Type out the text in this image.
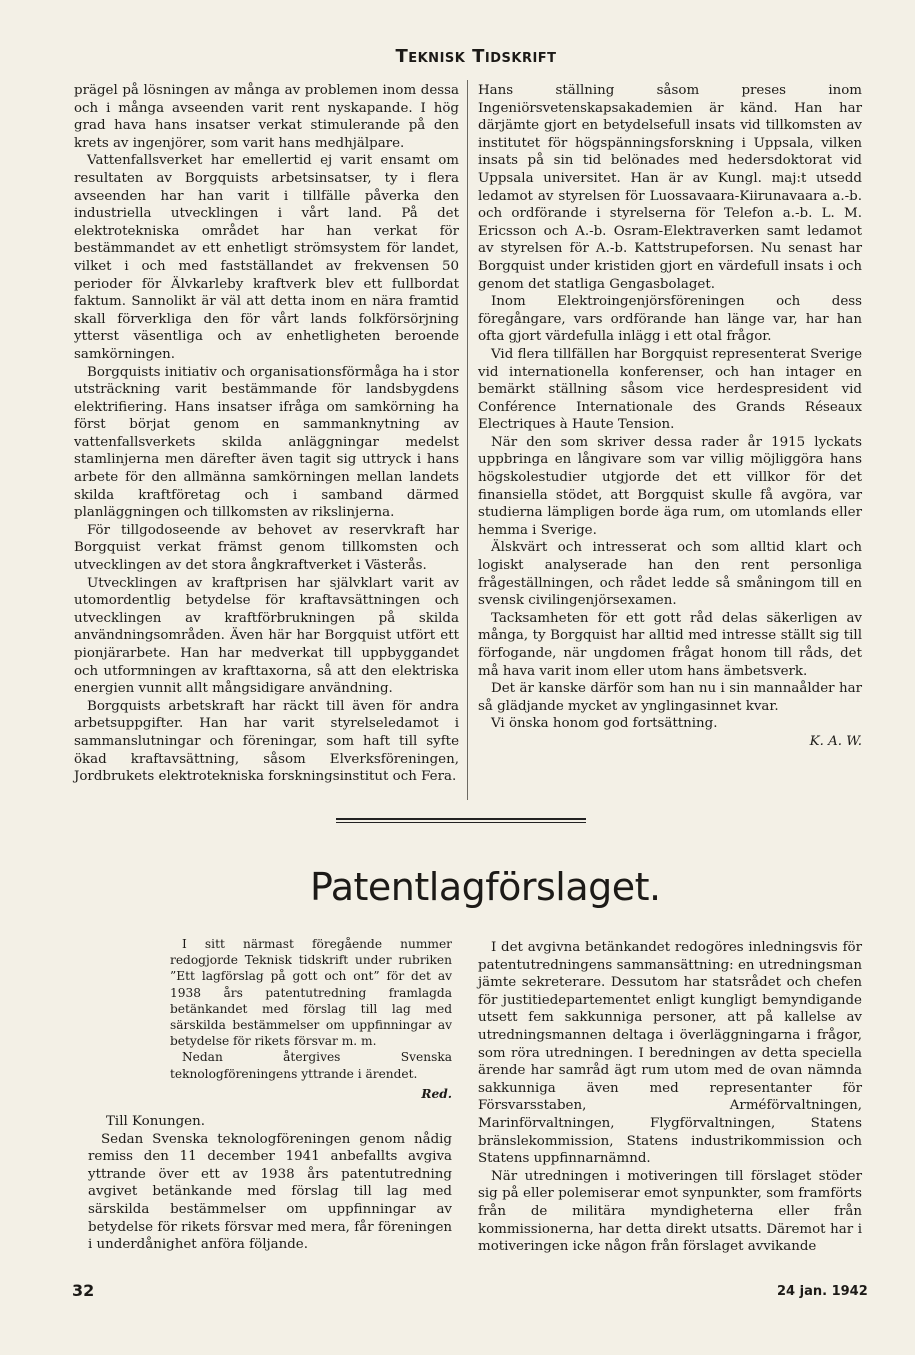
Teknisk Tidskrift

prägel på lösningen av många av problemen inom dessa och i många avseenden varit rent nyskapande. I hög grad hava hans insatser verkat stimulerande på den krets av ingenjörer, som varit hans medhjälpare.

Vattenfallsverket har emellertid ej varit ensamt om resultaten av Borgquists arbetsinsatser, ty i flera avseenden har han varit i tillfälle påverka den industriella utvecklingen i vårt land. På det elektrotekniska området har han verkat för bestämmandet av ett enhetligt strömsystem för landet, vilket i och med fastställandet av frekvensen 50 perioder för Älvkarleby kraftverk blev ett fullbordat faktum. Sannolikt är väl att detta inom en nära framtid skall förverkliga den för vårt lands folkförsörjning ytterst väsentliga och av enhetligheten beroende samkörningen.

Borgquists initiativ och organisationsförmåga ha i stor utsträckning varit bestämmande för landsbygdens elektrifiering. Hans insatser ifråga om samkörning ha först börjat genom en sammanknytning av vattenfallsverkets skilda anläggningar medelst stamlinjerna men därefter även tagit sig uttryck i hans arbete för den allmänna samkörningen mellan landets skilda kraftföretag och i samband därmed planläggningen och tillkomsten av rikslinjerna.

För tillgodoseende av behovet av reservkraft har Borgquist verkat främst genom tillkomsten och utvecklingen av det stora ångkraftverket i Västerås.

Utvecklingen av kraftprisen har självklart varit av utomordentlig betydelse för kraftavsättningen och utvecklingen av kraftförbrukningen på skilda användningsområden. Även här har Borgquist utfört ett pionjärarbete. Han har medverkat till uppbyggandet och utformningen av krafttaxorna, så att den elektriska energien vunnit allt mångsidigare användning.

Borgquists arbetskraft har räckt till även för andra arbetsuppgifter. Han har varit styrelseledamot i sammanslutningar och föreningar, som haft till syfte ökad kraftavsättning, såsom Elverksföreningen, Jordbrukets elektrotekniska forskningsinstitut och Fera.

Hans ställning såsom preses inom Ingeniörsvetenskapsakademien är känd. Han har därjämte gjort en betydelsefull insats vid tillkomsten av institutet för högspänningsforskning i Uppsala, vilken insats på sin tid belönades med hedersdoktorat vid Uppsala universitet. Han är av Kungl. maj:t utsedd ledamot av styrelsen för Luossavaara-Kiirunavaara a.-b. och ordförande i styrelserna för Telefon a.-b. L. M. Ericsson och A.-b. Osram-Elektraverken samt ledamot av styrelsen för A.-b. Kattstrupeforsen. Nu senast har Borgquist under kristiden gjort en värdefull insats i och genom det statliga Gengasbolaget.

Inom Elektroingenjörsföreningen och dess föregångare, vars ordförande han länge var, har han ofta gjort värdefulla inlägg i ett otal frågor.

Vid flera tillfällen har Borgquist representerat Sverige vid internationella konferenser, och han intager en bemärkt ställning såsom vice herdespresident vid Conférence Internationale des Grands Réseaux Electriques à Haute Tension.

När den som skriver dessa rader år 1915 lyckats uppbringa en långivare som var villig möjliggöra hans högskolestudier utgjorde det ett villkor för det finansiella stödet, att Borgquist skulle få avgöra, var studierna lämpligen borde äga rum, om utomlands eller hemma i Sverige.

Älskvärt och intresserat och som alltid klart och logiskt analyserade han den rent personliga frågeställningen, och rådet ledde så småningom till en svensk civilingenjörsexamen.

Tacksamheten för ett gott råd delas säkerligen av många, ty Borgquist har alltid med intresse ställt sig till förfogande, när ungdomen frågat honom till råds, det må hava varit inom eller utom hans ämbetsverk.

Det är kanske därför som han nu i sin mannaålder har så glädjande mycket av ynglingasinnet kvar.

Vi önska honom god fortsättning.

K. A. W.

Patentlagförslaget.

I sitt närmast föregående nummer redogjorde Teknisk tidskrift under rubriken ”Ett lagförslag på gott och ont” för det av 1938 års patentutredning framlagda betänkandet med förslag till lag med särskilda bestämmelser om uppfinningar av betydelse för rikets försvar m. m.

Nedan återgives Svenska teknologföreningens yttrande i ärendet.

Red.

Till Konungen.

Sedan Svenska teknologföreningen genom nådig remiss den 11 december 1941 anbefallts avgiva yttrande över ett av 1938 års patentutredning avgivet betänkande med förslag till lag med särskilda bestämmelser om uppfinningar av betydelse för rikets försvar med mera, får föreningen i underdånighet anföra följande.

I det avgivna betänkandet redogöres inledningsvis för patentutredningens sammansättning: en utredningsman jämte sekreterare. Dessutom har statsrådet och chefen för justitiedepartementet enligt kungligt bemyndigande utsett fem sakkunniga personer, att på kallelse av utredningsmannen deltaga i överläggningarna i frågor, som röra utredningen. I beredningen av detta speciella ärende har samråd ägt rum utom med de ovan nämnda sakkunniga även med representanter för Försvarsstaben, Arméförvaltningen, Marinförvaltningen, Flygförvaltningen, Statens bränslekommission, Statens industrikommission och Statens uppfinnarnämnd.

När utredningen i motiveringen till förslaget stöder sig på eller polemiserar emot synpunkter, som framförts från de militära myndigheterna eller från kommissionerna, har detta direkt utsatts. Däremot har i motiveringen icke någon från förslaget avvikande

32	24 jan. 1942
